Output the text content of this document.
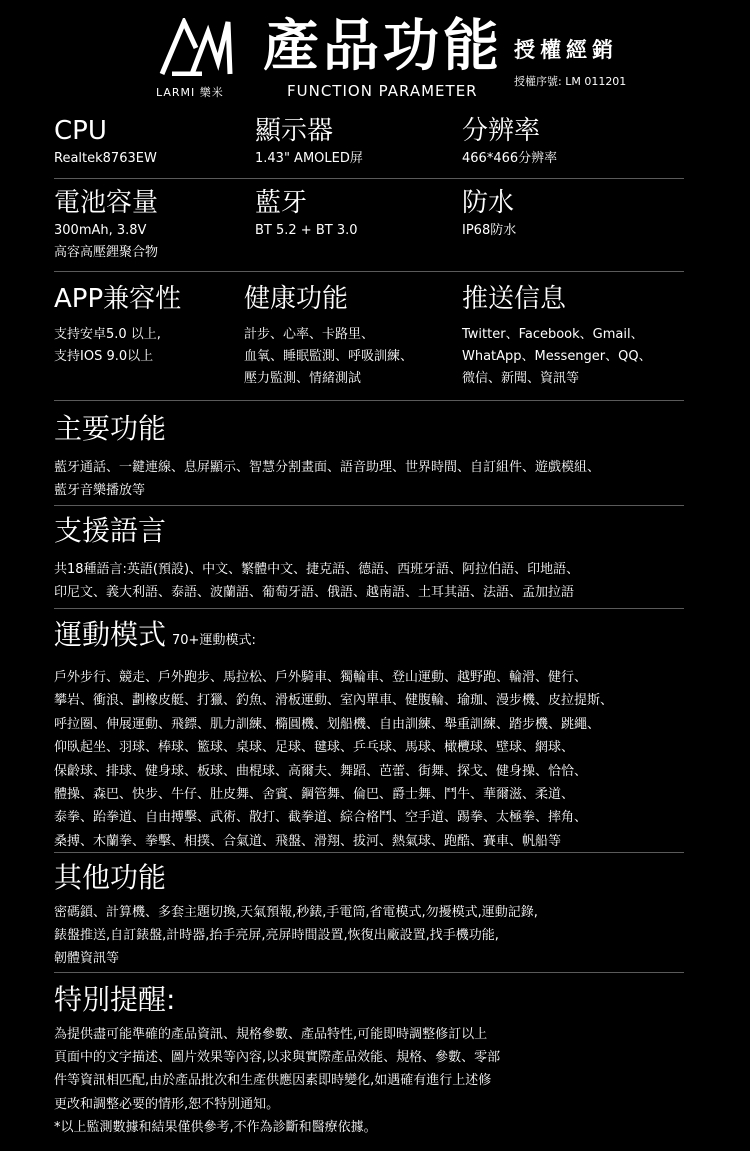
LARMI 樂米
產品功能
FUNCTION PARAMETER
授權經銷
授權序號: LM 011201
CPU
Realtek8763EW
顯示器
1.43" AMOLED屏
分辨率
466*466分辨率
電池容量
300mAh, 3.8V
高容高壓鋰聚合物
藍牙
BT 5.2 + BT 3.0
防水
IP68防水
APP兼容性
支持安卓5.0 以上,
支持IOS 9.0以上
健康功能
計步、心率、卡路里、
血氧、睡眠監測、呼吸訓練、
壓力監測、情緒測試
推送信息
Twitter、Facebook、Gmail、
WhatApp、Messenger、QQ、
微信、新聞、資訊等
主要功能
藍牙通話、一鍵連線、息屏顯示、智慧分割畫面、語音助理、世界時間、自訂組件、遊戲模組、
藍牙音樂播放等
支援語言
共18種語言:英語(預設)、中文、繁體中文、捷克語、德語、西班牙語、阿拉伯語、印地語、
印尼文、義大利語、泰語、波蘭語、葡萄牙語、俄語、越南語、土耳其語、法語、孟加拉語
運動模式 70+運動模式:
戶外步行、競走、戶外跑步、馬拉松、戶外騎車、獨輪車、登山運動、越野跑、輪滑、健行、
攀岩、衝浪、劃橡皮艇、打獵、釣魚、滑板運動、室內單車、健腹輪、瑜珈、漫步機、皮拉提斯、
呼拉圈、伸展運動、飛鏢、肌力訓練、橢圓機、划船機、自由訓練、舉重訓練、踏步機、跳繩、
仰臥起坐、羽球、棒球、籃球、桌球、足球、毽球、乒乓球、馬球、橄欖球、壁球、網球、
保齡球、排球、健身球、板球、曲棍球、高爾夫、舞蹈、芭蕾、街舞、探戈、健身操、恰恰、
體操、森巴、快步、牛仔、肚皮舞、舍賓、鋼管舞、倫巴、爵士舞、鬥牛、華爾滋、柔道、
泰拳、跆拳道、自由搏擊、武術、散打、截拳道、綜合格鬥、空手道、踢拳、太極拳、摔角、
桑搏、木蘭拳、拳擊、相撲、合氣道、飛盤、滑翔、拔河、熱氣球、跑酷、賽車、帆船等
其他功能
密碼鎖、計算機、多套主題切換,天氣預報,秒錶,手電筒,省電模式,勿擾模式,運動記錄,
錶盤推送,自訂錶盤,計時器,抬手亮屏,亮屏時間設置,恢復出廠設置,找手機功能,
韌體資訊等
特別提醒:
為提供盡可能準確的產品資訊、規格參數、產品特性,可能即時調整修訂以上
頁面中的文字描述、圖片效果等內容,以求與實際產品效能、規格、參數、零部
件等資訊相匹配,由於產品批次和生產供應因素即時變化,如遇確有進行上述修
更改和調整必要的情形,恕不特別通知。
*以上監測數據和結果僅供參考,不作為診斷和醫療依據。
